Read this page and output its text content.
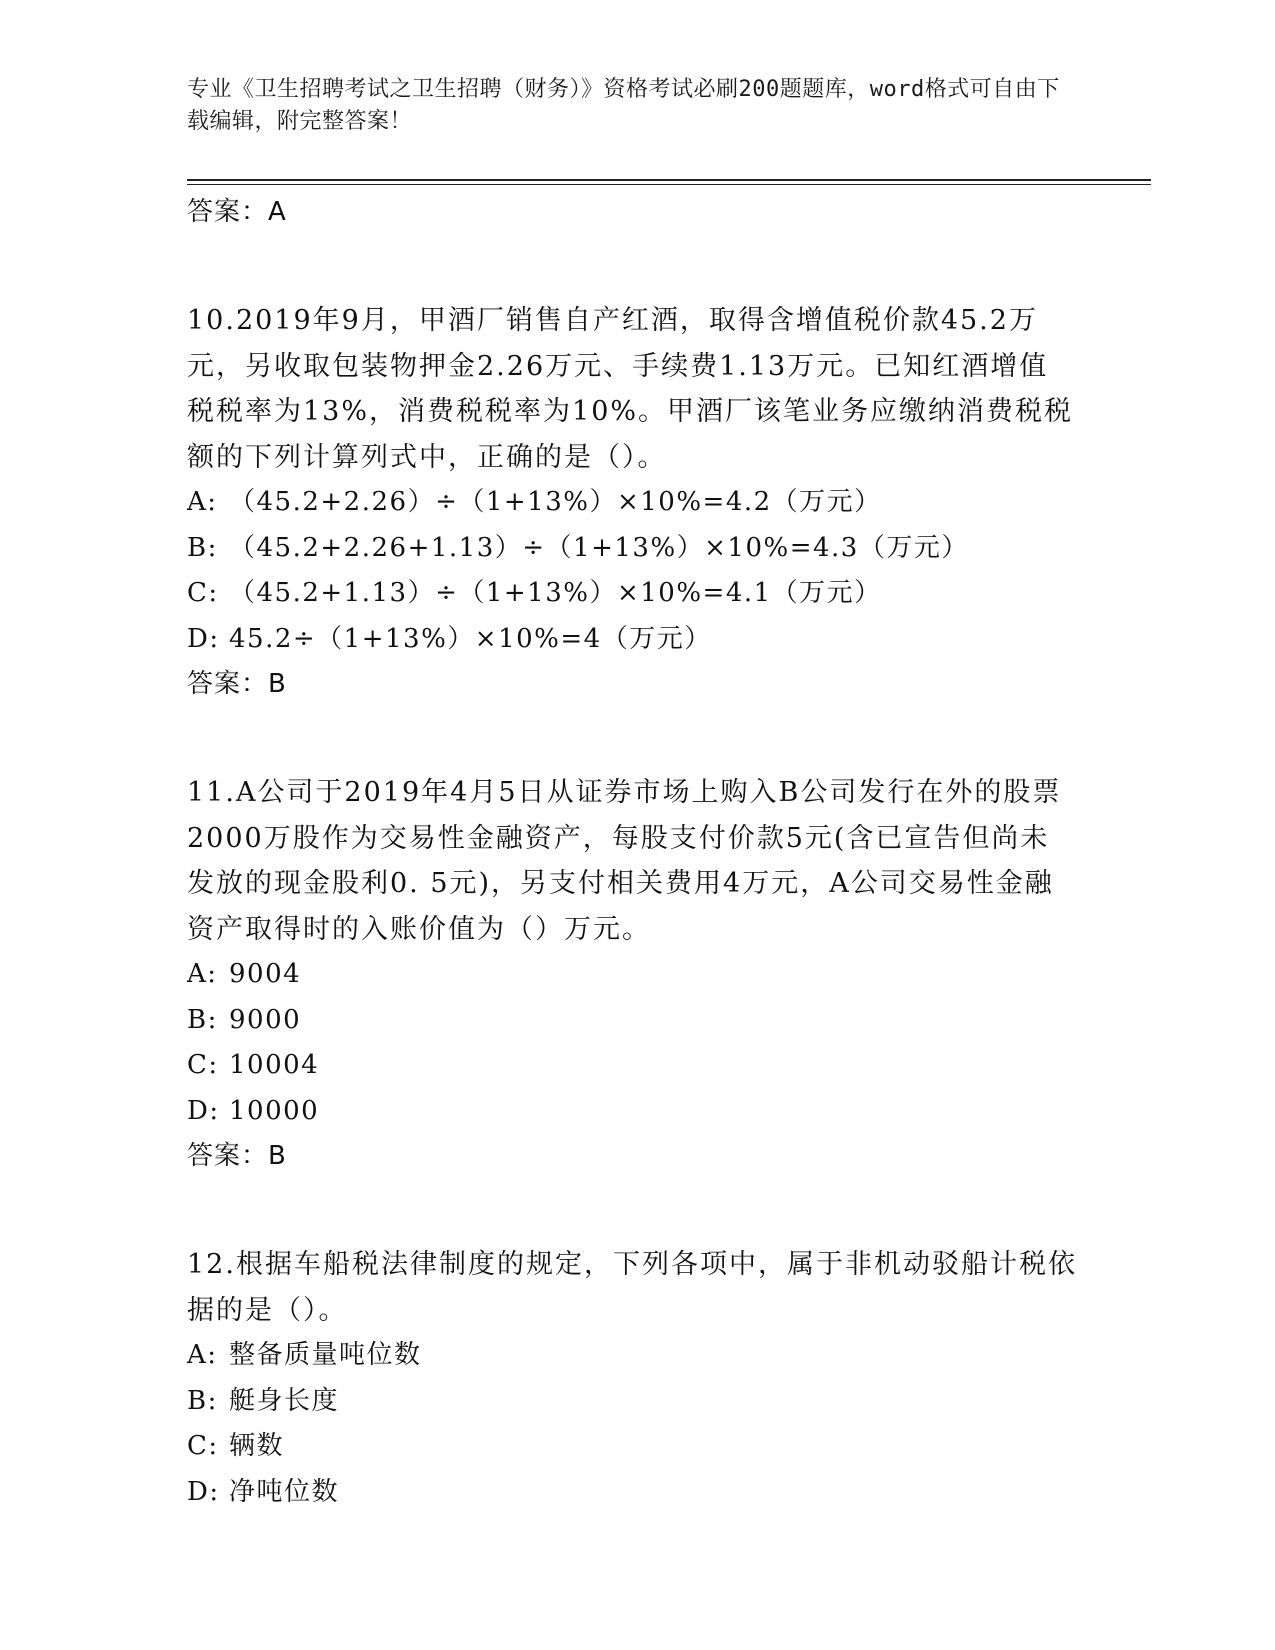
专业《卫生招聘考试之卫生招聘（财务）》资格考试必刷200题题库，word格式可自由下载编辑，附完整答案！

答案：A

10.2019年9月，甲酒厂销售自产红酒，取得含增值税价款45.2万元，另收取包装物押金2.26万元、手续费1.13万元。已知红酒增值税税率为13%，消费税税率为10%。甲酒厂该笔业务应缴纳消费税税额的下列计算列式中，正确的是（）。

A: （45.2+2.26）÷（1+13%）×10%=4.2（万元）

B: （45.2+2.26+1.13）÷（1+13%）×10%=4.3（万元）

C: （45.2+1.13）÷（1+13%）×10%=4.1（万元）

D: 45.2÷（1+13%）×10%=4（万元）

答案：B

11.A公司于2019年4月5日从证券市场上购入B公司发行在外的股票2000万股作为交易性金融资产，每股支付价款5元(含已宣告但尚未发放的现金股利0. 5元)，另支付相关费用4万元，A公司交易性金融资产取得时的入账价值为（）万元。

A: 9004

B: 9000

C: 10004

D: 10000

答案：B

12.根据车船税法律制度的规定，下列各项中，属于非机动驳船计税依据的是（）。

A: 整备质量吨位数

B: 艇身长度

C: 辆数

D: 净吨位数
